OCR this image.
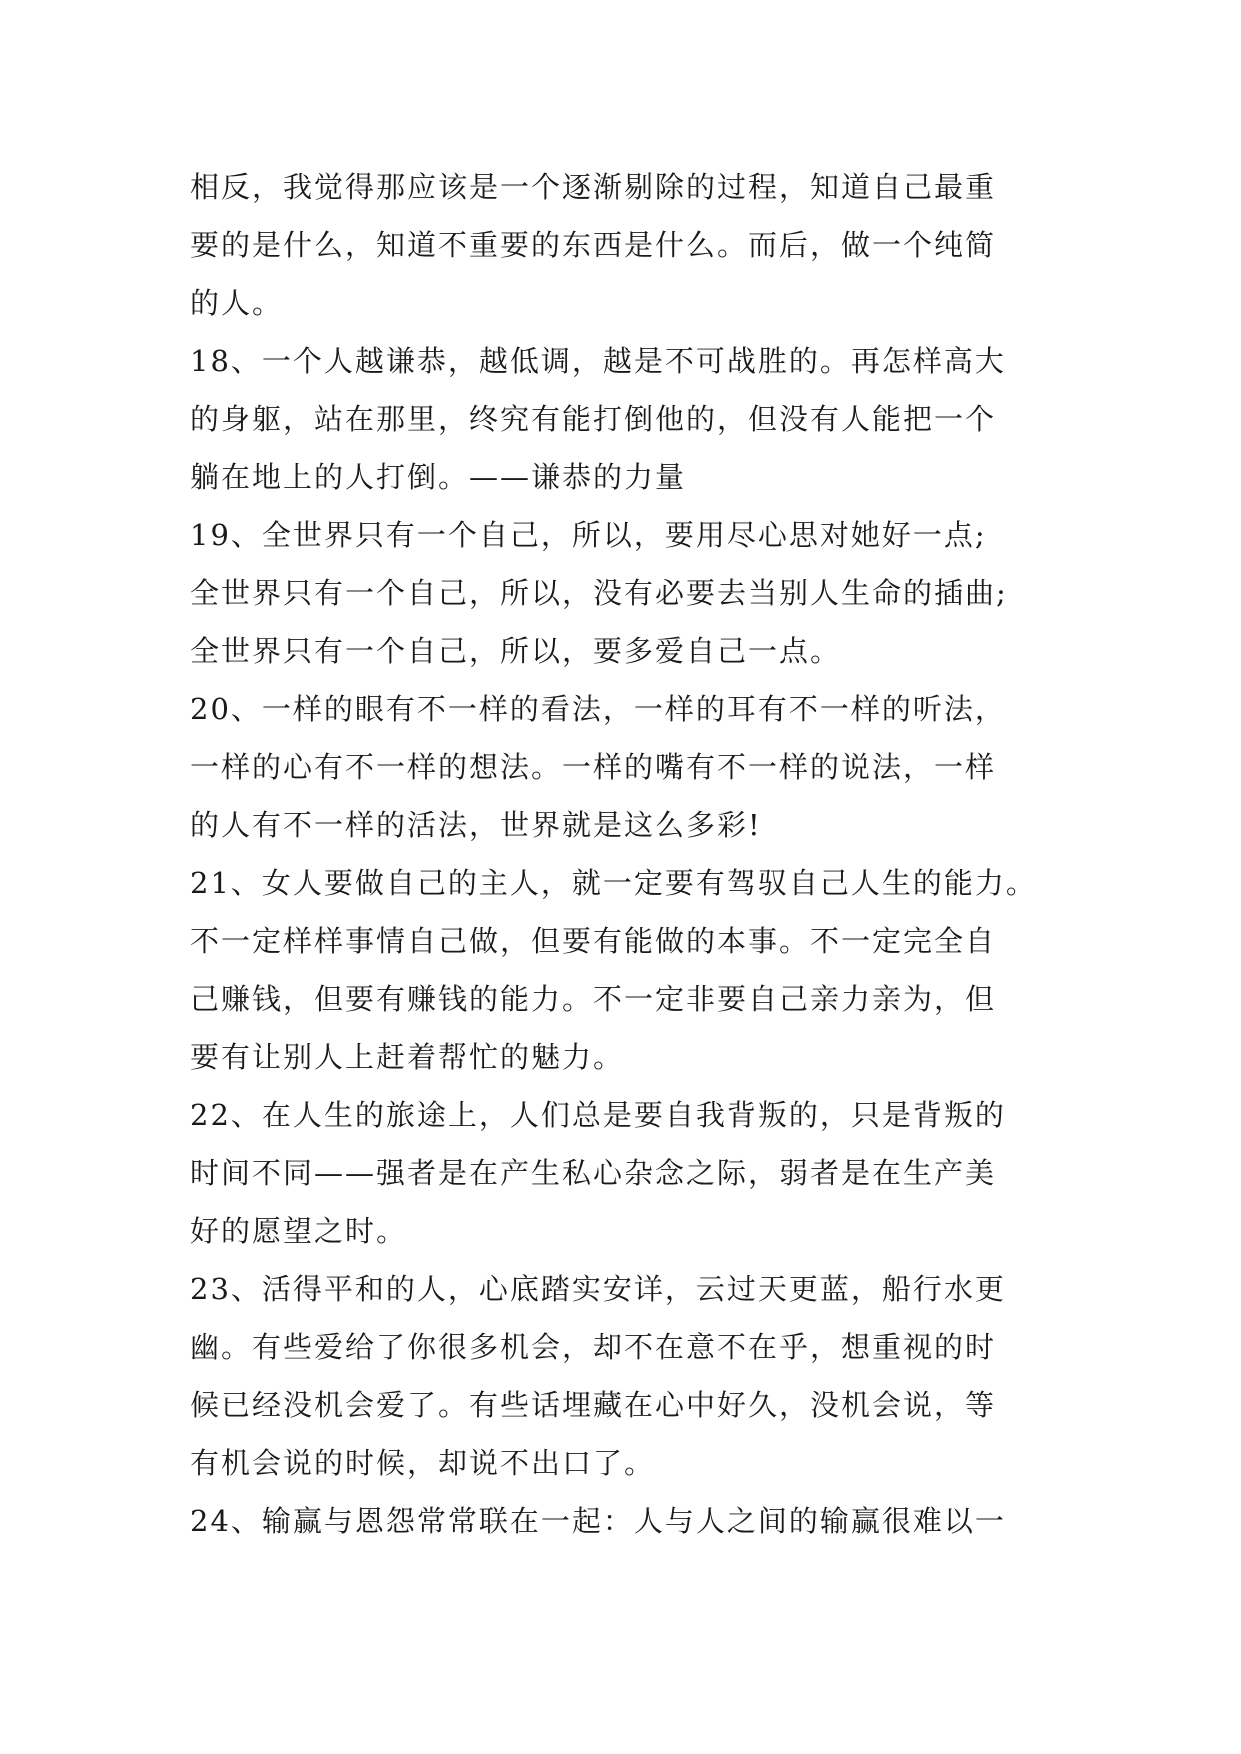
相反，我觉得那应该是一个逐渐剔除的过程，知道自己最重
要的是什么，知道不重要的东西是什么。而后，做一个纯简
的人。
18、一个人越谦恭，越低调，越是不可战胜的。再怎样高大
的身躯，站在那里，终究有能打倒他的，但没有人能把一个
躺在地上的人打倒。——谦恭的力量
19、全世界只有一个自己，所以，要用尽心思对她好一点;
全世界只有一个自己，所以，没有必要去当别人生命的插曲;
全世界只有一个自己，所以，要多爱自己一点。
20、一样的眼有不一样的看法，一样的耳有不一样的听法，
一样的心有不一样的想法。一样的嘴有不一样的说法，一样
的人有不一样的活法，世界就是这么多彩!
21、女人要做自己的主人，就一定要有驾驭自己人生的能力。
不一定样样事情自己做，但要有能做的本事。不一定完全自
己赚钱，但要有赚钱的能力。不一定非要自己亲力亲为，但
要有让别人上赶着帮忙的魅力。
22、在人生的旅途上，人们总是要自我背叛的，只是背叛的
时间不同——强者是在产生私心杂念之际，弱者是在生产美
好的愿望之时。
23、活得平和的人，心底踏实安详，云过天更蓝，船行水更
幽。有些爱给了你很多机会，却不在意不在乎，想重视的时
候已经没机会爱了。有些话埋藏在心中好久，没机会说，等
有机会说的时候，却说不出口了。
24、输赢与恩怨常常联在一起：人与人之间的输赢很难以一
